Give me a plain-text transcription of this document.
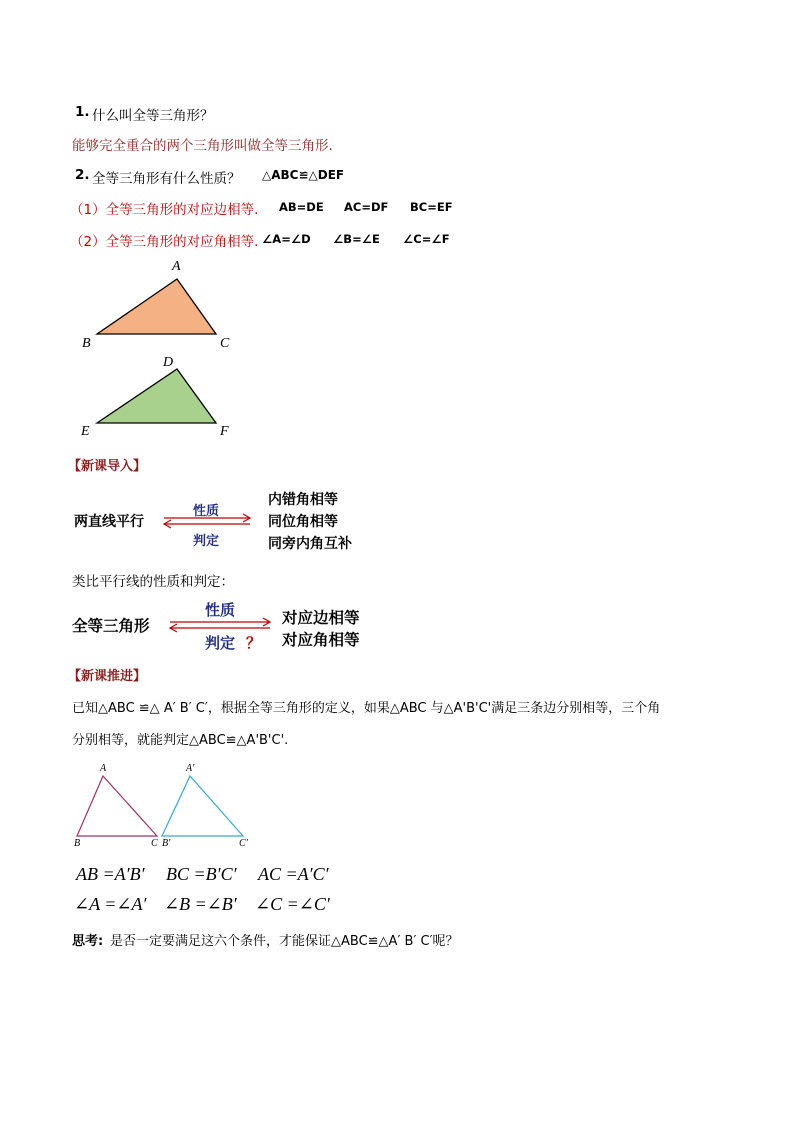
1. 什么叫全等三角形？
能够完全重合的两个三角形叫做全等三角形.
2. 全等三角形有什么性质？ △ABC≌△DEF
（1）全等三角形的对应边相等. AB=DE AC=DF BC=EF
（2）全等三角形的对应角相等. ∠A=∠D ∠B=∠E ∠C=∠F
A
B	C
D
E	F
【新课导入】
两直线平行
性质
判定
内错角相等
同位角相等
同旁内角互补
类比平行线的性质和判定：
全等三角形
性质
判定 ？
对应边相等
对应角相等
【新课推进】
已知△ABC ≌△ A′ B′ C′，根据全等三角形的定义，如果△ABC 与△A'B'C'满足三条边分别相等，三个角
分别相等，就能判定△ABC≌△A'B'C'.
A
B	C
A′
B′	C′
AB =A′B′ BC =B′C′ AC =A′C′
∠A =∠A′ ∠B =∠B′ ∠C =∠C′
思考: 是否一定要满足这六个条件，才能保证△ABC≌△A′ B′ C′呢？
